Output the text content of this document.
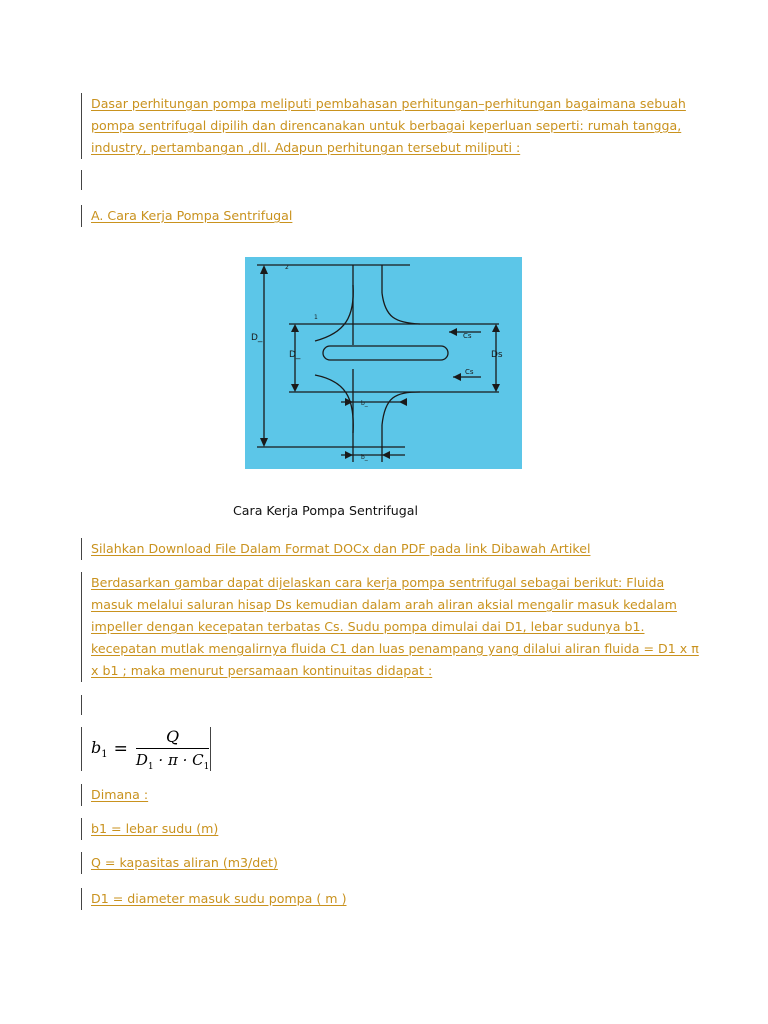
Dasar perhitungan pompa meliputi pembahasan perhitungan–perhitungan bagaimana sebuah
pompa sentrifugal dipilih dan direncanakan untuk berbagai keperluan seperti: rumah tangga,
industry, pertambangan ,dll. Adapun perhitungan tersebut miliputi :
A. Cara Kerja Pompa Sentrifugal
D_
D_	Ds
Cs
Cs
b_
b_
2
1
Cara Kerja Pompa Sentrifugal
Silahkan Download File Dalam Format DOCx dan PDF pada link Dibawah Artikel
Berdasarkan gambar dapat dijelaskan cara kerja pompa sentrifugal sebagai berikut: Fluida
masuk melalui saluran hisap Ds kemudian dalam arah aliran aksial mengalir masuk kedalam
impeller dengan kecepatan terbatas Cs. Sudu pompa dimulai dai D1, lebar sudunya b1.
kecepatan mutlak mengalirnya fluida C1 dan luas penampang yang dilalui aliran fluida = D1 x π
x b1 ; maka menurut persamaan kontinuitas didapat :
$b_1 = \frac{Q}{D_1 \cdot \pi \cdot C_1}$
Dimana :
b1 = lebar sudu (m)
Q = kapasitas aliran (m3/det)
D1 = diameter masuk sudu pompa ( m )
